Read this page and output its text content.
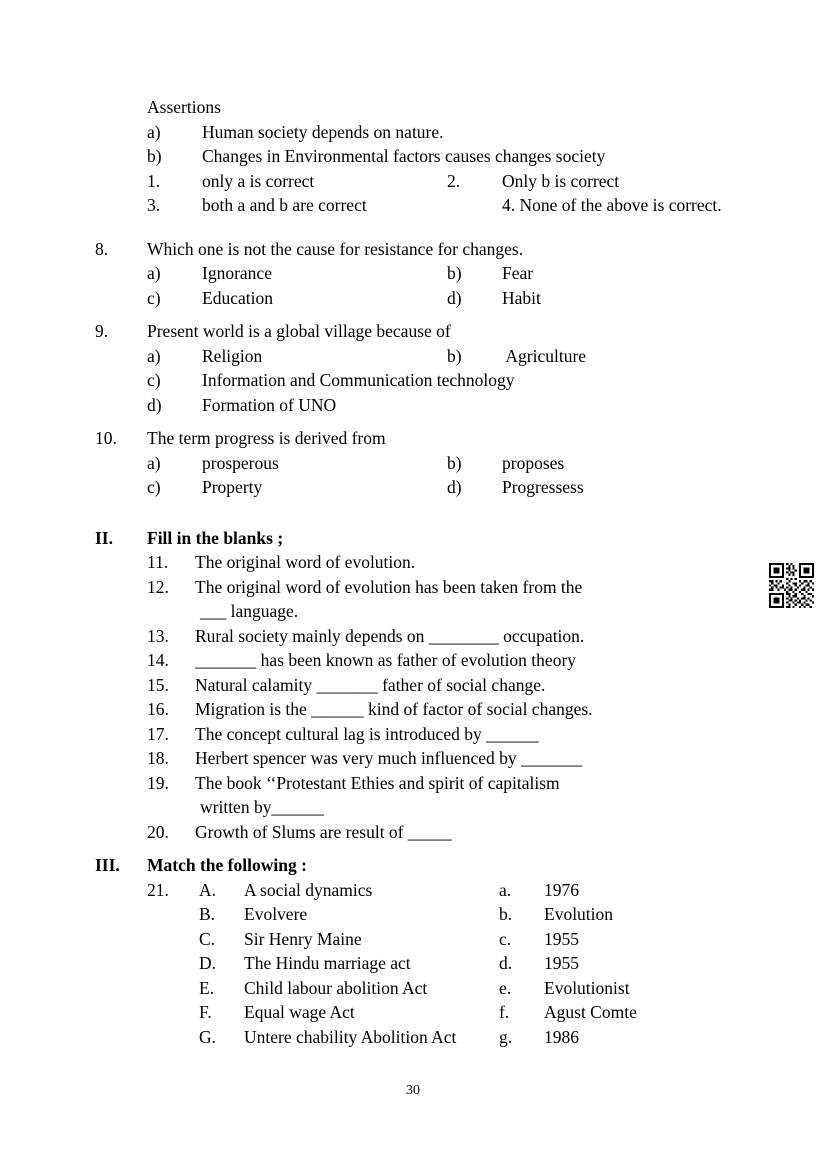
Assertions
a)	Human society depends on nature.
b)	Changes in Environmental factors causes changes society
1.	only a is correct	2.	Only b is correct
3.	both a and b are correct	4. None of the above is correct.
8.	Which one is not the cause for resistance for changes.
a)	Ignorance	b)	Fear
c)	Education	d)	Habit
9.	Present world is a global village because of
a)	Religion	b)	Agriculture
c)	Information and Communication technology
d)	Formation of UNO
10.	The term progress is derived from
a)	prosperous	b)	proposes
c)	Property	d)	Progressess
II.	Fill in the blanks ;
11.	The original word of evolution.
12.	The original word of evolution has been taken from the
___ language.
13.	Rural society mainly depends on ________ occupation.
14.	_______ has been known as father of evolution theory
15.	Natural calamity _______ father of social change.
16.	Migration is the ______ kind of factor of social changes.
17.	The concept cultural lag is introduced by ______
18.	Herbert spencer was very much influenced by _______
19.	The book ‘‘Protestant Ethies and spirit of capitalism
written by______
20.	Growth of Slums are result of _____
III.	Match the following :
21.	A.	A social dynamics	a.	1976
B.	Evolvere	b.	Evolution
C.	Sir Henry Maine	c.	1955
D.	The Hindu marriage act	d.	1955
E.	Child labour abolition Act	e.	Evolutionist
F.	Equal wage Act	f.	Agust Comte
G.	Untere chability Abolition Act	g.	1986
30
